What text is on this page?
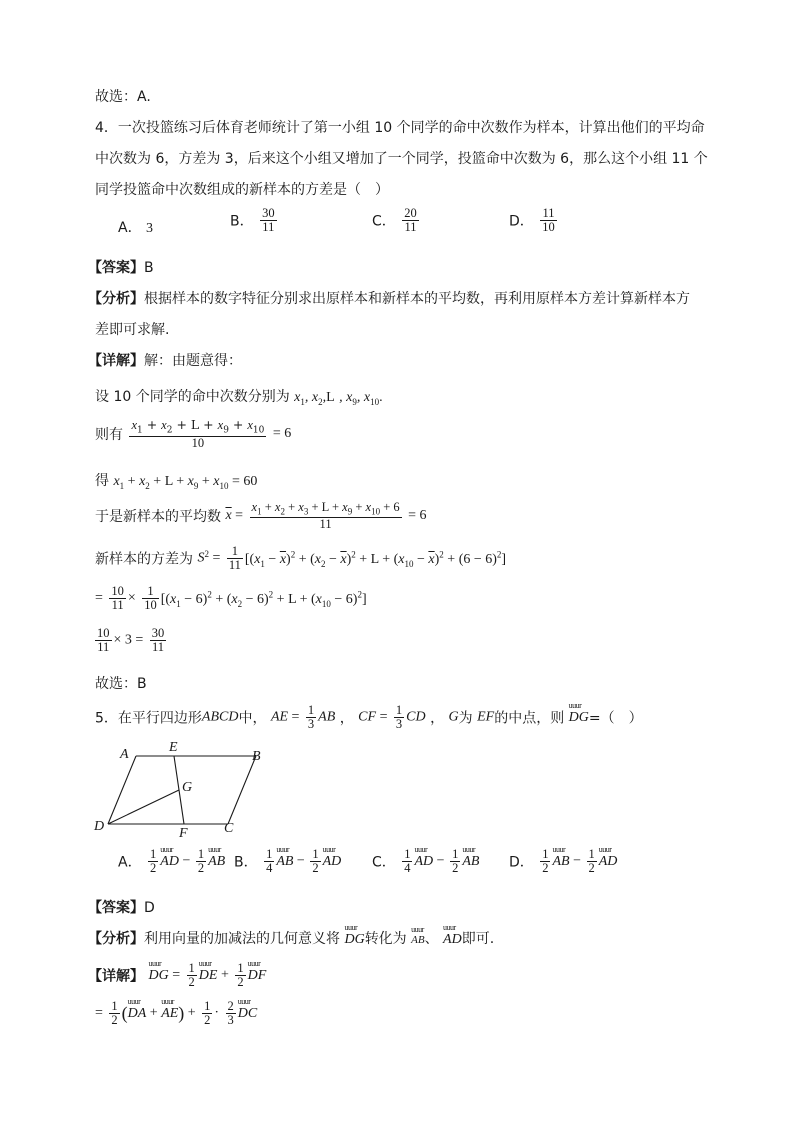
故选：A.
4．一次投篮练习后体育老师统计了第一小组 10 个同学的命中次数作为样本，计算出他们的平均命
中次数为 6，方差为 3，后来这个小组又增加了一个同学，投篮命中次数为 6，那么这个小组 11 个
同学投篮命中次数组成的新样本的方差是（　）
A． 3	B． $\frac{30}{11}$	C． $\frac{20}{11}$	D． $\frac{11}{10}$
【答案】B
【分析】根据样本的数字特征分别求出原样本和新样本的平均数，再利用原样本方差计算新样本方
差即可求解.
【详解】解：由题意得：
设 10 个同学的命中次数分别为 $x_1$, $x_2,L$ , $x_9$, $x_{10}$.
则有 $\frac{x_1 + x_2 + L + x_9 + x_{10}}{10} = 6$
得 $x_1 + x_2 + L + x_9 + x_{10} = 60$
于是新样本的平均数 $\overline{x} = \frac{x_1 + x_2 + x_3 + L + x_9 + x_{10} + 6}{11} = 6$
新样本的方差为 $S^2 = \frac{1}{11} [(x_1 - \overline{x})^2 + (x_2 - \overline{x})^2 + L + (x_{10} - \overline{x})^2 + (6 - 6)^2]$
= $\frac{10}{11} \times \frac{1}{10} [(x_1 - 6)^2 + (x_2 - 6)^2 + L + (x_{10} - 6)^2]$
$\frac{10}{11} \times 3 = \frac{30}{11}$
故选：B
5．在平行四边形ABCD中， AE = $\frac{1}{3}$ AB ， CF = $\frac{1}{3}$ CD ， G为 EF的中点，则 uuur DG=（　）
A	E
B
G
D	F	C
A． $\frac{1}{2}$ uuur AD − $\frac{1}{2}$ uuur AB B． $\frac{1}{4}$ uuur AB − $\frac{1}{2}$ uuur AD C． $\frac{1}{4}$ uuur AD − $\frac{1}{2}$ uuur AB D． $\frac{1}{2}$ uuur AB − $\frac{1}{2}$ uuur AD
【答案】D
【分析】利用向量的加减法的几何意义将 uuur DG转化为 uuur AB、 uuur AD即可.
【详解】 uuur DG = $\frac{1}{2}$ uuur DE + $\frac{1}{2}$ uuur DF
= $\frac{1}{2}$ (uuur DA + uuur $AE) + \frac{1}{2} \cdot \frac{2}{3}$ uuur DC
